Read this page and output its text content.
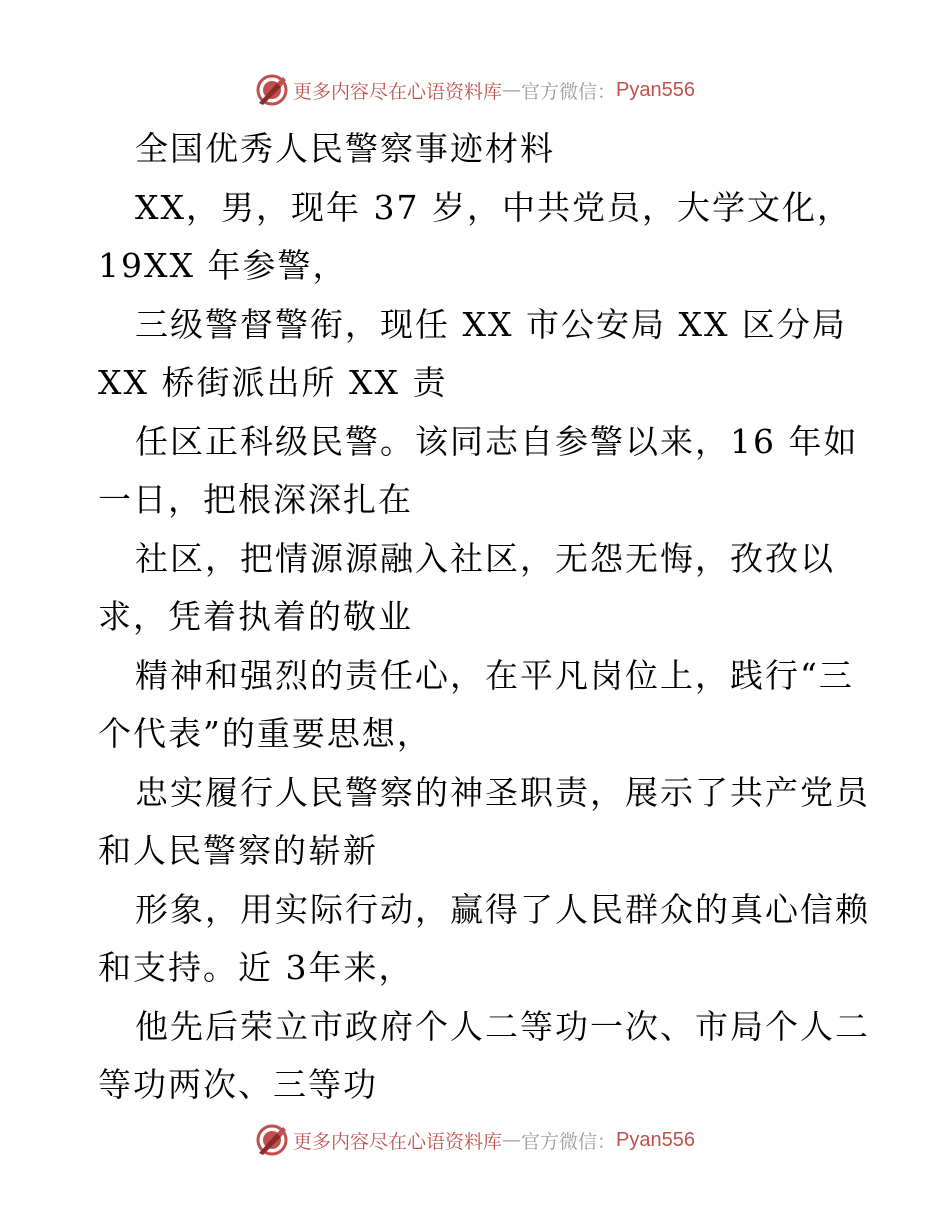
更多内容尽在心语资料库 — 官方微信： Pyan556
全国优秀人民警察事迹材料
XX，男，现年 37 岁，中共党员，大学文化，
19XX 年参警，
三级警督警衔，现任 XX 市公安局 XX 区分局
XX 桥街派出所 XX 责
任区正科级民警。该同志自参警以来，16 年如
一日，把根深深扎在
社区，把情源源融入社区，无怨无悔，孜孜以
求，凭着执着的敬业
精神和强烈的责任心，在平凡岗位上，践行“三
个代表”的重要思想，
忠实履行人民警察的神圣职责，展示了共产党员
和人民警察的崭新
形象，用实际行动，赢得了人民群众的真心信赖
和支持。近 3年来，
他先后荣立市政府个人二等功一次、市局个人二
等功两次、三等功
更多内容尽在心语资料库 — 官方微信： Pyan556
